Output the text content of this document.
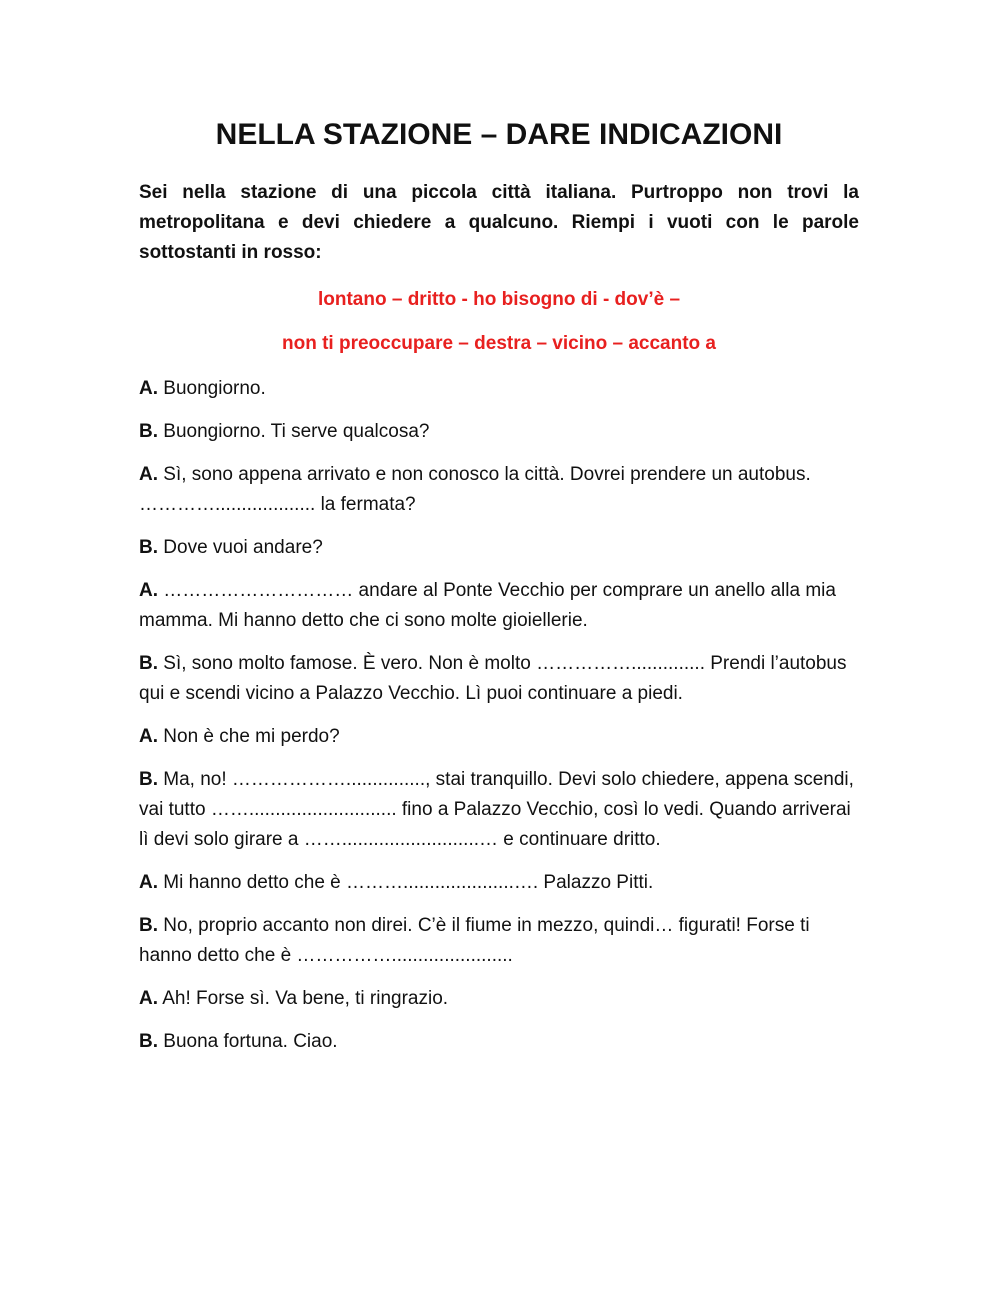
NELLA STAZIONE – DARE INDICAZIONI

Sei nella stazione di una piccola città italiana. Purtroppo non trovi la metropolitana e devi chiedere a qualcuno. Riempi i vuoti con le parole sottostanti in rosso:

lontano – dritto - ho bisogno di - dov’è –

non ti preoccupare – destra – vicino – accanto a

A. Buongiorno.

B. Buongiorno. Ti serve qualcosa?

A. Sì, sono appena arrivato e non conosco la città. Dovrei prendere un autobus. …………................... la fermata?

B. Dove vuoi andare?

A. ………………………… andare al Ponte Vecchio per comprare un anello alla mia mamma. Mi hanno detto che ci sono molte gioiellerie.

B. Sì, sono molto famose. È vero. Non è molto …………….............. Prendi l’autobus qui e scendi vicino a Palazzo Vecchio. Lì puoi continuare a piedi.

A. Non è che mi perdo?

B. Ma, no! ………………..............., stai tranquillo. Devi solo chiedere, appena scendi, vai tutto ……............................ fino a Palazzo Vecchio, così lo vedi. Quando arriverai lì devi solo girare a ……..........................… e continuare dritto.

A. Mi hanno detto che è ……….....................…. Palazzo Pitti.

B. No, proprio accanto non direi. C’è il fiume in mezzo, quindi… figurati! Forse ti hanno detto che è …………….......................

A. Ah! Forse sì. Va bene, ti ringrazio.

B. Buona fortuna. Ciao.
